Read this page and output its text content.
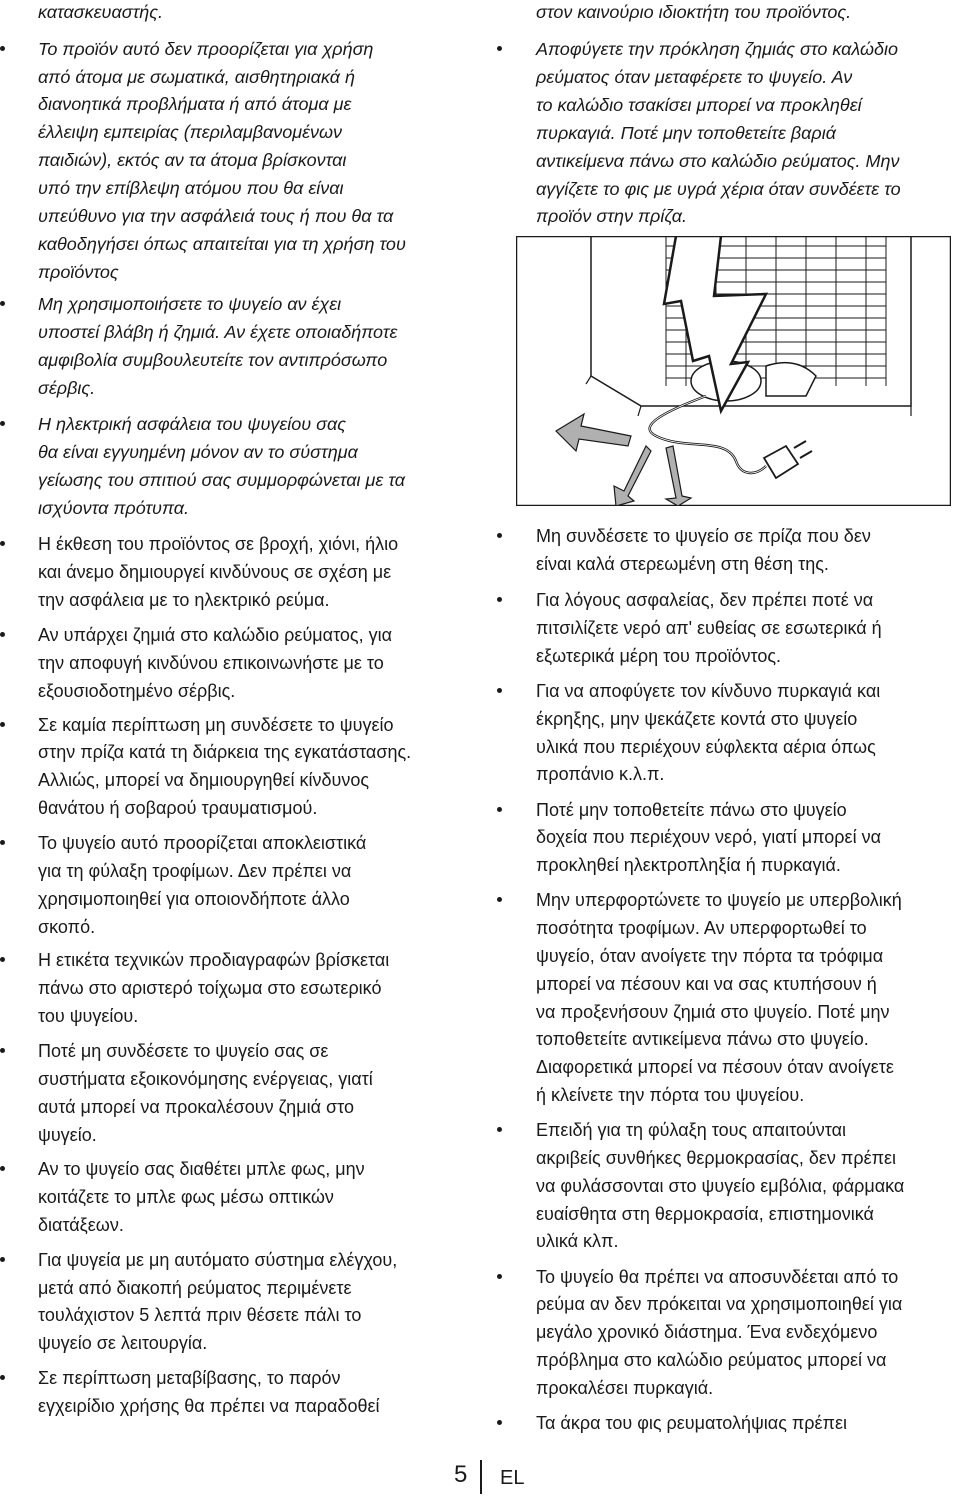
κατασκευαστής.
Το προϊόν αυτό δεν προορίζεται για χρήση
από άτομα με σωματικά, αισθητηριακά ή
διανοητικά προβλήματα ή από άτομα με
έλλειψη εμπειρίας (περιλαμβανομένων
παιδιών), εκτός αν τα άτομα βρίσκονται
υπό την επίβλεψη ατόμου που θα είναι
υπεύθυνο για την ασφάλειά τους ή που θα τα
καθοδηγήσει όπως απαιτείται για τη χρήση του
προϊόντος
Μη χρησιμοποιήσετε το ψυγείο αν έχει
υποστεί βλάβη ή ζημιά. Αν έχετε οποιαδήποτε
αμφιβολία συμβουλευτείτε τον αντιπρόσωπο
σέρβις.
Η ηλεκτρική ασφάλεια του ψυγείου σας
θα είναι εγγυημένη μόνον αν το σύστημα
γείωσης του σπιτιού σας συμμορφώνεται με τα
ισχύοντα πρότυπα.
Η έκθεση του προϊόντος σε βροχή, χιόνι, ήλιο
και άνεμο δημιουργεί κινδύνους σε σχέση με
την ασφάλεια με το ηλεκτρικό ρεύμα.
Αν υπάρχει ζημιά στο καλώδιο ρεύματος, για
την αποφυγή κινδύνου επικοινωνήστε με το
εξουσιοδοτημένο σέρβις.
Σε καμία περίπτωση μη συνδέσετε το ψυγείο
στην πρίζα κατά τη διάρκεια της εγκατάστασης.
Αλλιώς, μπορεί να δημιουργηθεί κίνδυνος
θανάτου ή σοβαρού τραυματισμού.
Το ψυγείο αυτό προορίζεται αποκλειστικά
για τη φύλαξη τροφίμων. Δεν πρέπει να
χρησιμοποιηθεί για οποιονδήποτε άλλο
σκοπό.
Η ετικέτα τεχνικών προδιαγραφών βρίσκεται
πάνω στο αριστερό τοίχωμα στο εσωτερικό
του ψυγείου.
Ποτέ μη συνδέσετε το ψυγείο σας σε
συστήματα εξοικονόμησης ενέργειας, γιατί
αυτά μπορεί να προκαλέσουν ζημιά στο
ψυγείο.
Αν το ψυγείο σας διαθέτει μπλε φως, μην
κοιτάζετε το μπλε φως μέσω οπτικών
διατάξεων.
Για ψυγεία με μη αυτόματο σύστημα ελέγχου,
μετά από διακοπή ρεύματος περιμένετε
τουλάχιστον 5 λεπτά πριν θέσετε πάλι το
ψυγείο σε λειτουργία.
Σε περίπτωση μεταβίβασης, το παρόν
εγχειρίδιο χρήσης θα πρέπει να παραδοθεί
στον καινούριο ιδιοκτήτη του προϊόντος.
Αποφύγετε την πρόκληση ζημιάς στο καλώδιο
ρεύματος όταν μεταφέρετε το ψυγείο. Αν
το καλώδιο τσακίσει μπορεί να προκληθεί
πυρκαγιά. Ποτέ μην τοποθετείτε βαριά
αντικείμενα πάνω στο καλώδιο ρεύματος. Μην
αγγίζετε το φις με υγρά χέρια όταν συνδέετε το
προϊόν στην πρίζα.
Μη συνδέσετε το ψυγείο σε πρίζα που δεν
είναι καλά στερεωμένη στη θέση της.
Για λόγους ασφαλείας, δεν πρέπει ποτέ να
πιτσιλίζετε νερό απ' ευθείας σε εσωτερικά ή
εξωτερικά μέρη του προϊόντος.
Για να αποφύγετε τον κίνδυνο πυρκαγιά και
έκρηξης, μην ψεκάζετε κοντά στο ψυγείο
υλικά που περιέχουν εύφλεκτα αέρια όπως
προπάνιο κ.λ.π.
Ποτέ μην τοποθετείτε πάνω στο ψυγείο
δοχεία που περιέχουν νερό, γιατί μπορεί να
προκληθεί ηλεκτροπληξία ή πυρκαγιά.
Μην υπερφορτώνετε το ψυγείο με υπερβολική
ποσότητα τροφίμων. Αν υπερφορτωθεί το
ψυγείο, όταν ανοίγετε την πόρτα τα τρόφιμα
μπορεί να πέσουν και να σας κτυπήσουν ή
να προξενήσουν ζημιά στο ψυγείο. Ποτέ μην
τοποθετείτε αντικείμενα πάνω στο ψυγείο.
Διαφορετικά μπορεί να πέσουν όταν ανοίγετε
ή κλείνετε την πόρτα του ψυγείου.
Επειδή για τη φύλαξη τους απαιτούνται
ακριβείς συνθήκες θερμοκρασίας, δεν πρέπει
να φυλάσσονται στο ψυγείο εμβόλια, φάρμακα
ευαίσθητα στη θερμοκρασία, επιστημονικά
υλικά κλπ.
Το ψυγείο θα πρέπει να αποσυνδέεται από το
ρεύμα αν δεν πρόκειται να χρησιμοποιηθεί για
μεγάλο χρονικό διάστημα. Ένα ενδεχόμενο
πρόβλημα στο καλώδιο ρεύματος μπορεί να
προκαλέσει πυρκαγιά.
Τα άκρα του φις ρευματολήψιας πρέπει
5 EL
